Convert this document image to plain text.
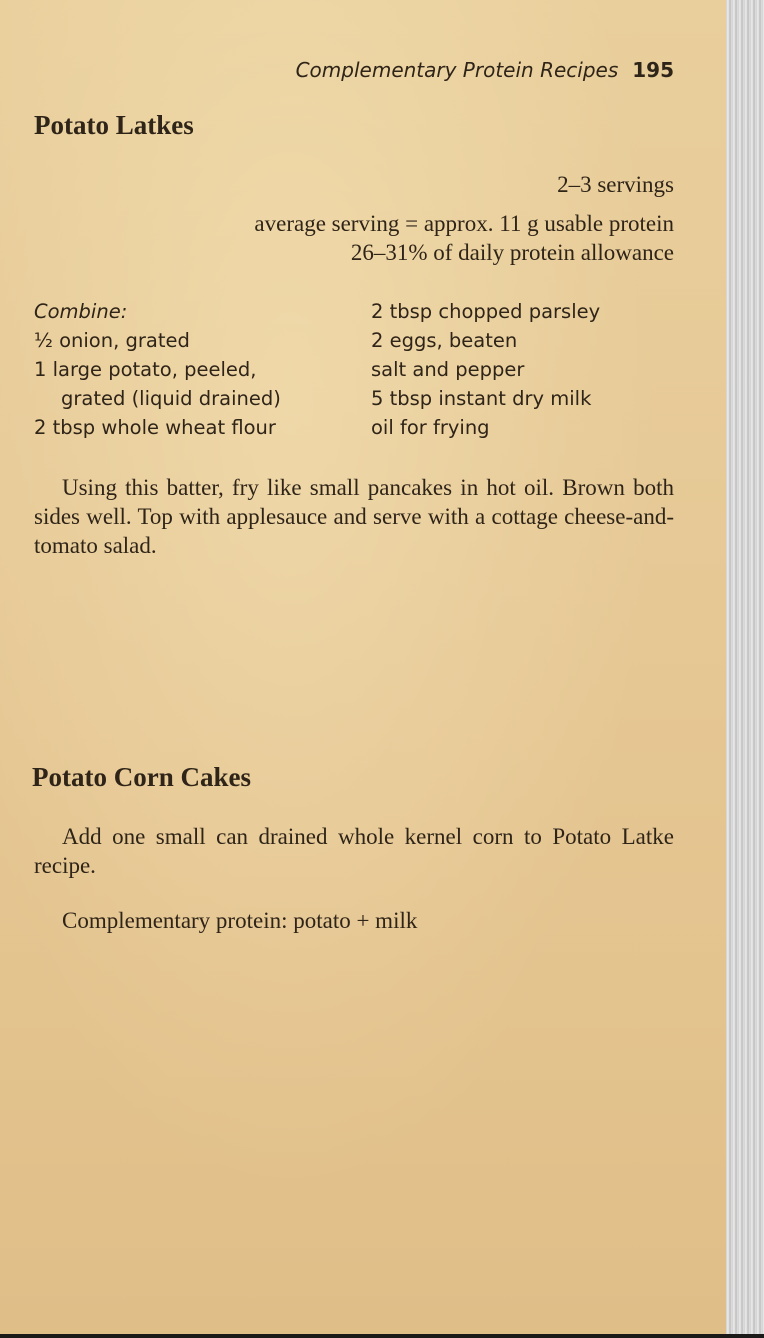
Complementary Protein Recipes 195
Potato Latkes
2–3 servings
average serving = approx. 11 g usable protein
26–31% of daily protein allowance
Combine:
½ onion, grated
1 large potato, peeled,
grated (liquid drained)
2 tbsp whole wheat flour
2 tbsp chopped parsley
2 eggs, beaten
salt and pepper
5 tbsp instant dry milk
oil for frying

Using this batter, fry like small pancakes in hot oil. Brown both sides well. Top with applesauce and serve with a cottage cheese-and-tomato salad.

Potato Corn Cakes

Add one small can drained whole kernel corn to Potato Latke recipe.

Complementary protein: potato + milk
